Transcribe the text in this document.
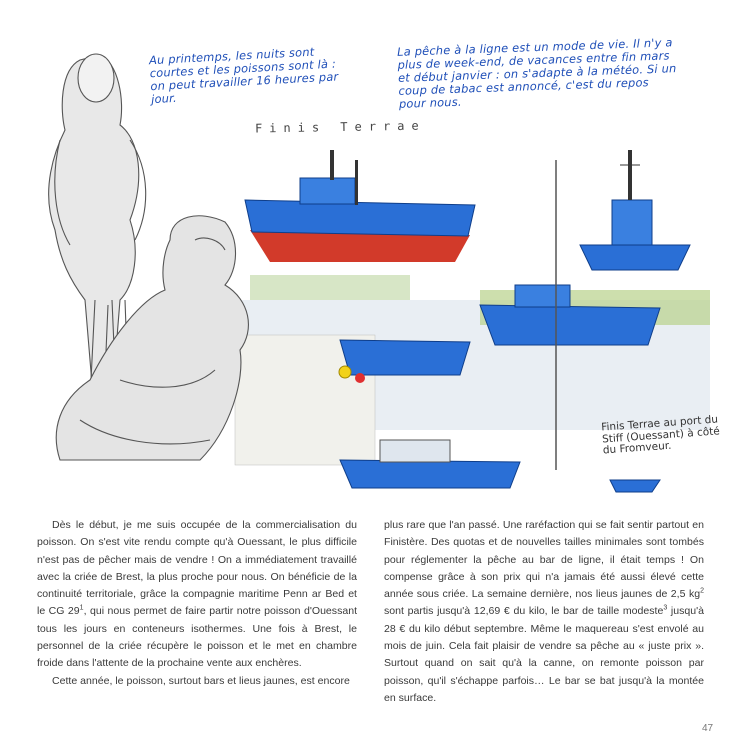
Au printemps, les nuits sont courtes et les poissons sont là : on peut travailler 16 heures par jour.
La pêche à la ligne est un mode de vie. Il n'y a plus de week-end, de vacances entre fin mars et début janvier : on s'adapte à la météo. Si un coup de tabac est annoncé, c'est du repos pour nous.
Finis Terrae
Finis Terrae au port du Stiff (Ouessant) à côté du Fromveur.

Dès le début, je me suis occupée de la commercialisation du poisson. On s'est vite rendu compte qu'à Ouessant, le plus difficile n'est pas de pêcher mais de vendre ! On a immédiatement travaillé avec la criée de Brest, la plus proche pour nous. On bénéficie de la continuité territoriale, grâce la compagnie maritime Penn ar Bed et le CG $29^1$, qui nous permet de faire partir notre poisson d'Ouessant tous les jours en conteneurs isothermes. Une fois à Brest, le personnel de la criée récupère le poisson et le met en chambre froide dans l'attente de la prochaine vente aux enchères.

Cette année, le poisson, surtout bars et lieus jaunes, est encore

plus rare que l'an passé. Une raréfaction qui se fait sentir partout en Finistère. Des quotas et de nouvelles tailles minimales sont tombés pour réglementer la pêche au bar de ligne, il était temps ! On compense grâce à son prix qui n'a jamais été aussi élevé cette année sous criée. La semaine dernière, nos lieus jaunes de 2,5 $kg^2$ sont partis jusqu'à 12,69 € du kilo, le bar de taille modeste$^3$ jusqu'à 28 € du kilo début septembre. Même le maquereau s'est envolé au mois de juin. Cela fait plaisir de vendre sa pêche au « juste prix ». Surtout quand on sait qu'à la canne, on remonte poisson par poisson, qu'il s'échappe parfois… Le bar se bat jusqu'à la montée en surface.

47
